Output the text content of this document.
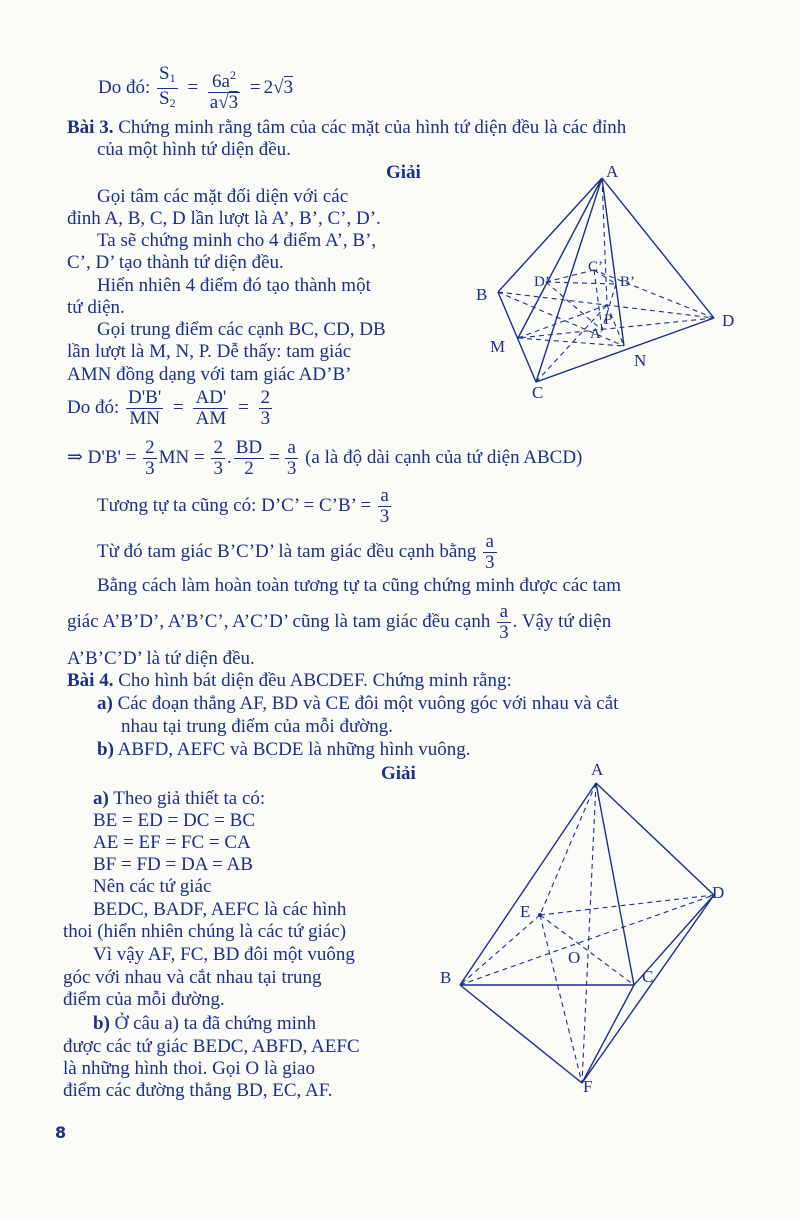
Do đó: $\frac{S_1}{S_2} = \frac{6a^2}{a√3} = 2√3$
Bài 3. Chứng minh rằng tâm của các mặt của hình tứ diện đều là các đỉnh
của một hình tứ diện đều.
Giải
Gọi tâm các mặt đối diện với các
đỉnh A, B, C, D lần lượt là A’, B’, C’, D’.
Ta sẽ chứng minh cho 4 điểm A’, B’,
C’, D’ tạo thành tứ diện đều.
Hiển nhiên 4 điểm đó tạo thành một
tứ diện.
Gọi trung điểm các cạnh BC, CD, DB
lần lượt là M, N, P. Dễ thấy: tam giác
AMN đồng dạng với tam giác AD’B’
Do đó: $\frac{D'B'}{MN} = \frac{AD'}{AM} = \frac{2}{3}$
⇒ $D'B' = \frac{2}{3}$ MN = $\frac{2}{3}$ . $\frac{BD}{2} = \frac{a}{3} (a$ là độ dài cạnh của tứ diện ABCD)
Tương tự ta cũng có: D’C’ = C’B’ = $\frac{a}{3}$
Từ đó tam giác B’C’D’ là tam giác đều cạnh bằng $\frac{a}{3}$
Bằng cách làm hoàn toàn tương tự ta cũng chứng minh được các tam
giác A’B’D’, A’B’C’, A’C’D’ cũng là tam giác đều cạnh $\frac{a}{3}$ . Vậy tứ diện
A’B’C’D’ là tứ diện đều.
A
B
C
D
M
N
P
A’
B’
C’
D’
Bài 4. Cho hình bát diện đều ABCDEF. Chứng minh rằng:
a) Các đoạn thẳng AF, BD và CE đôi một vuông góc với nhau và cắt
nhau tại trung điểm của mỗi đường.
b) ABFD, AEFC và BCDE là những hình vuông.
Giải
a) Theo giả thiết ta có:
BE = ED = DC = BC
AE = EF = FC = CA
BF = FD = DA = AB
Nên các tứ giác
BEDC, BADF, AEFC là các hình
thoi (hiển nhiên chúng là các tứ giác)
Vì vậy AF, FC, BD đôi một vuông
góc với nhau và cắt nhau tại trung
điểm của mỗi đường.
b) Ở câu a) ta đã chứng minh
được các tứ giác BEDC, ABFD, AEFC
là những hình thoi. Gọi O là giao
điểm các đường thẳng BD, EC, AF.
A
B	C
D
E
F
O
8
